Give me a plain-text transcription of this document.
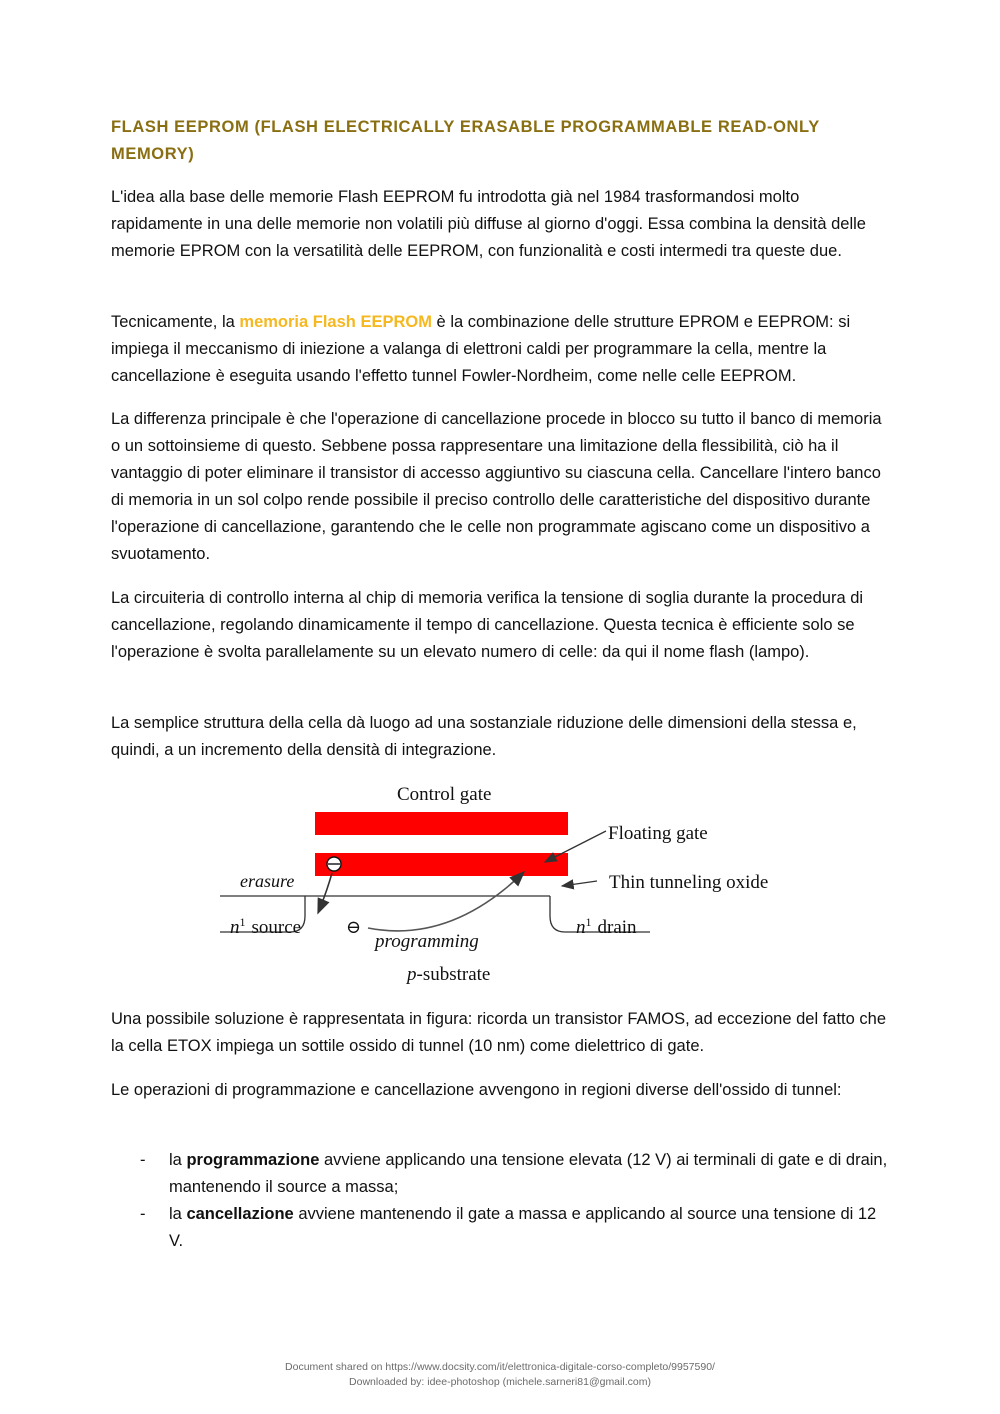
FLASH EEPROM (FLASH ELECTRICALLY ERASABLE PROGRAMMABLE READ-ONLY MEMORY)

L'idea alla base delle memorie Flash EEPROM fu introdotta già nel 1984 trasformandosi molto rapidamente in una delle memorie non volatili più diffuse al giorno d'oggi. Essa combina la densità delle memorie EPROM con la versatilità delle EEPROM, con funzionalità e costi intermedi tra queste due.

Tecnicamente, la memoria Flash EEPROM è la combinazione delle strutture EPROM e EEPROM: si impiega il meccanismo di iniezione a valanga di elettroni caldi per programmare la cella, mentre la cancellazione è eseguita usando l'effetto tunnel Fowler-Nordheim, come nelle celle EEPROM.

La differenza principale è che l'operazione di cancellazione procede in blocco su tutto il banco di memoria o un sottoinsieme di questo. Sebbene possa rappresentare una limitazione della flessibilità, ciò ha il vantaggio di poter eliminare il transistor di accesso aggiuntivo su ciascuna cella. Cancellare l'intero banco di memoria in un sol colpo rende possibile il preciso controllo delle caratteristiche del dispositivo durante l'operazione di cancellazione, garantendo che le celle non programmate agiscano come un dispositivo a svuotamento.

La circuiteria di controllo interna al chip di memoria verifica la tensione di soglia durante la procedura di cancellazione, regolando dinamicamente il tempo di cancellazione. Questa tecnica è efficiente solo se l'operazione è svolta parallelamente su un elevato numero di celle: da qui il nome flash (lampo).

La semplice struttura della cella dà luogo ad una sostanziale riduzione delle dimensioni della stessa e, quindi, a un incremento della densità di integrazione.

Una possibile soluzione è rappresentata in figura: ricorda un transistor FAMOS, ad eccezione del fatto che la cella ETOX impiega un sottile ossido di tunnel (10 nm) come dielettrico di gate.

Le operazioni di programmazione e cancellazione avvengono in regioni diverse dell'ossido di tunnel:

- la programmazione avviene applicando una tensione elevata (12 V) ai terminali di gate e di drain, mantenendo il source a massa;
- la cancellazione avviene mantenendo il gate a massa e applicando al source una tensione di 12 V.
Control gate
Floating gate
Thin tunneling oxide
erasure
$n^1$ source ⊖
programming
$n^1$ drain
p-substrate
Document shared on https://www.docsity.com/it/elettronica-digitale-corso-completo/9957590/
Downloaded by: idee-photoshop (michele.sarneri81@gmail.com)
